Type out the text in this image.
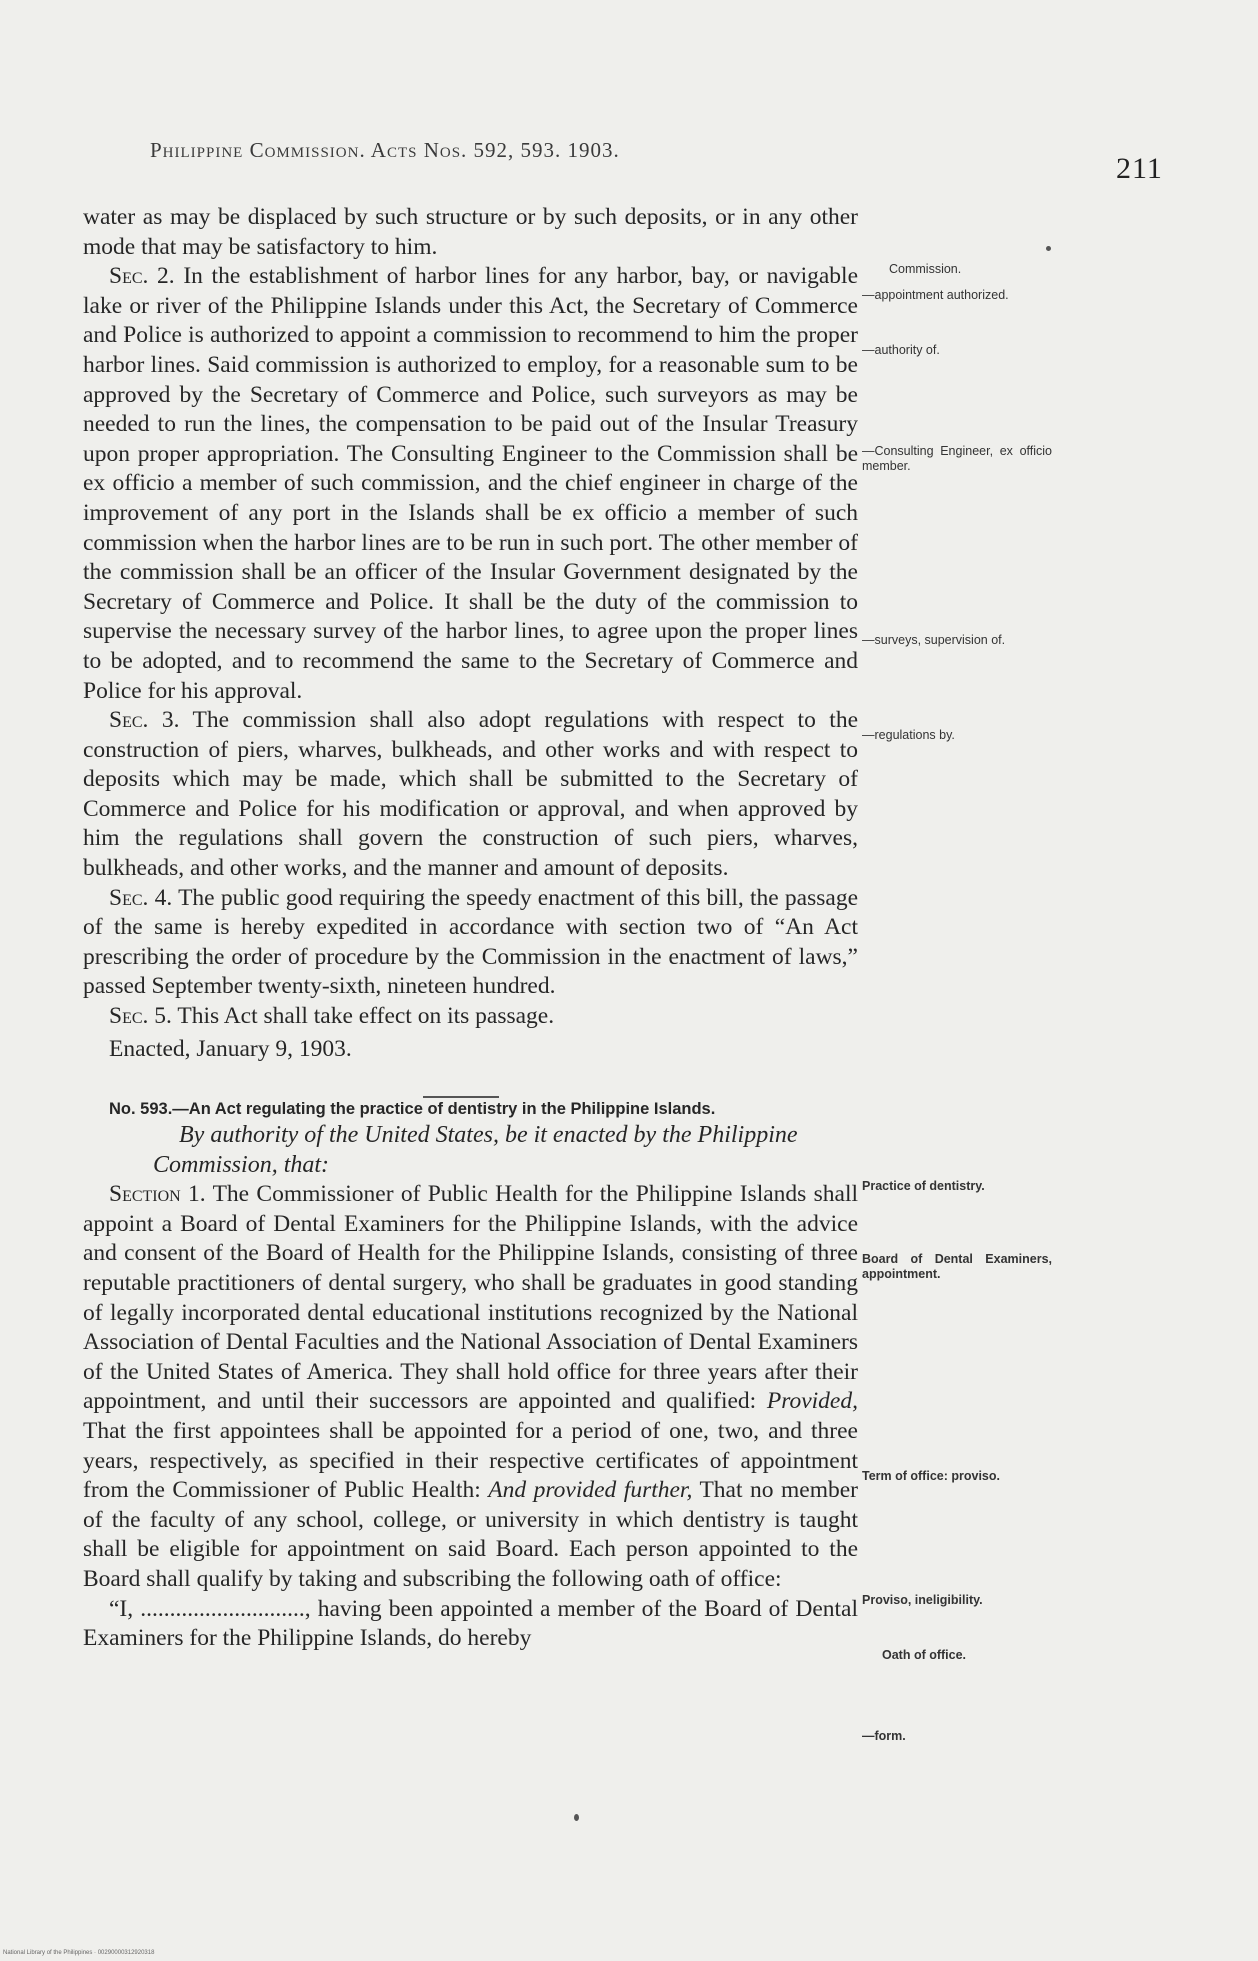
Philippine Commission. Acts Nos. 592, 593. 1903.
211

water as may be displaced by such structure or by such deposits, or in any other mode that may be satisfactory to him.

Sec. 2. In the establishment of harbor lines for any harbor, bay, or navigable lake or river of the Philippine Islands under this Act, the Secretary of Commerce and Police is authorized to appoint a commission to recommend to him the proper harbor lines. Said commission is authorized to employ, for a reasonable sum to be approved by the Secretary of Commerce and Police, such surveyors as may be needed to run the lines, the compensation to be paid out of the Insular Treasury upon proper appropriation. The Consulting Engineer to the Commission shall be ex officio a member of such commission, and the chief engineer in charge of the improvement of any port in the Islands shall be ex officio a member of such commission when the harbor lines are to be run in such port. The other member of the commission shall be an officer of the Insular Government designated by the Secretary of Commerce and Police. It shall be the duty of the commission to supervise the necessary survey of the harbor lines, to agree upon the proper lines to be adopted, and to recommend the same to the Secretary of Commerce and Police for his approval.

Sec. 3. The commission shall also adopt regulations with respect to the construction of piers, wharves, bulkheads, and other works and with respect to deposits which may be made, which shall be submitted to the Secretary of Commerce and Police for his modification or approval, and when approved by him the regulations shall govern the construction of such piers, wharves, bulkheads, and other works, and the manner and amount of deposits.

Sec. 4. The public good requiring the speedy enactment of this bill, the passage of the same is hereby expedited in accordance with section two of “An Act prescribing the order of procedure by the Commission in the enactment of laws,” passed September twenty-sixth, nineteen hundred.

Sec. 5. This Act shall take effect on its passage.

Enacted, January 9, 1903.

No. 593.—An Act regulating the practice of dentistry in the Philippine Islands.

By authority of the United States, be it enacted by the Philippine Commission, that:

Section 1. The Commissioner of Public Health for the Philippine Islands shall appoint a Board of Dental Examiners for the Philippine Islands, with the advice and consent of the Board of Health for the Philippine Islands, consisting of three reputable practitioners of dental surgery, who shall be graduates in good standing of legally incorporated dental educational institutions recognized by the National Association of Dental Faculties and the National Association of Dental Examiners of the United States of America. They shall hold office for three years after their appointment, and until their successors are appointed and qualified: Provided, That the first appointees shall be appointed for a period of one, two, and three years, respectively, as specified in their respective certificates of appointment from the Commissioner of Public Health: And provided further, That no member of the faculty of any school, college, or university in which dentistry is taught shall be eligible for appointment on said Board. Each person appointed to the Board shall qualify by taking and subscribing the following oath of office:

“I, ............................, having been appointed a member of the Board of Dental Examiners for the Philippine Islands, do hereby

Commission.
—appointment authorized.
—authority of.
—Consulting Engineer, ex officio member.
—surveys, supervision of.
—regulations by.
Practice of dentistry.
Board of Dental Examiners, appointment.
Term of office: proviso.
Proviso, ineligibility.
Oath of office.
—form.
National Library of the Philippines · 00290000312920318
